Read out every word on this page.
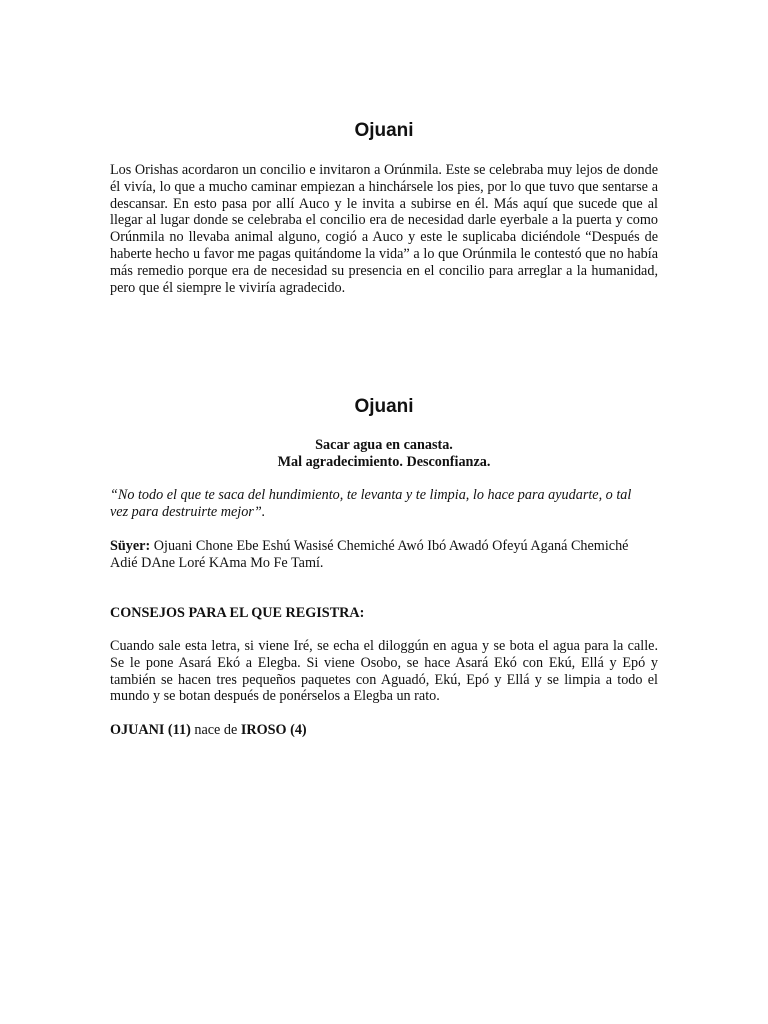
Ojuani
Los Orishas acordaron un concilio e invitaron a Orúnmila. Este se celebraba muy lejos de donde él vivía, lo que a mucho caminar empiezan a hinchársele los pies, por lo que tuvo que sentarse a descansar. En esto pasa por allí Auco y le invita a subirse en él. Más aquí que sucede que al llegar al lugar donde se celebraba el concilio era de necesidad darle eyerbale a la puerta y como Orúnmila no llevaba animal alguno, cogió a Auco y este le suplicaba diciéndole “Después de haberte hecho u favor me pagas quitándome la vida” a lo que Orúnmila le contestó que no había más remedio porque era de necesidad su presencia en el concilio para arreglar a la humanidad, pero que él siempre le viviría agradecido.
Ojuani
Sacar agua en canasta.
Mal agradecimiento. Desconfianza.
“No todo el que te saca del hundimiento, te levanta y te limpia, lo hace para ayudarte, o tal vez para destruirte mejor”.
Süyer: Ojuani Chone Ebe Eshú Wasisé Chemiché Awó Ibó Awadó Ofeyú Aganá Chemiché Adié DAne Loré KAma Mo Fe Tamí.
CONSEJOS PARA EL QUE REGISTRA:
Cuando sale esta letra, si viene Iré, se echa el diloggún en agua y se bota el agua para la calle. Se le pone Asará Ekó a Elegba. Si viene Osobo, se hace Asará Ekó con Ekú, Ellá y Epó y también se hacen tres pequeños paquetes con Aguadó, Ekú, Epó y Ellá y se limpia a todo el mundo y se botan después de ponérselos a Elegba un rato.
OJUANI (11) nace de IROSO (4)
